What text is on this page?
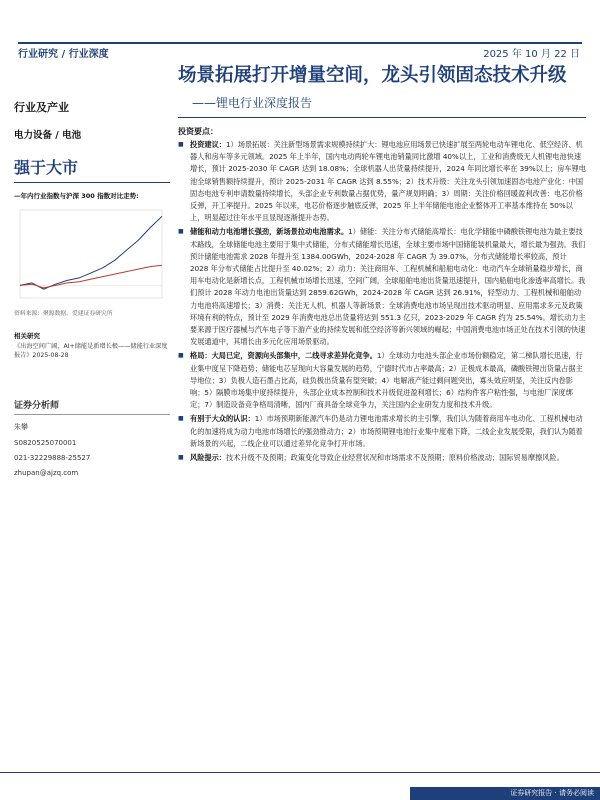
行业研究 / 行业深度	2025 年 10 月 22 日
行业及产业
电力设备 / 电池
强于大市
—年内行业指数与沪深 300 指数对比走势:
资料来源：聚源数据，爱建证券研究所
相关研究
《出海空间广阔，AI+储能是新增长极——储能行业深度报告》2025-08-28
证券分析师
朱攀
S0820525070001
021-32229888-25527
zhupan@ajzq.com
场景拓展打开增量空间，龙头引领固态技术升级
——锂电行业深度报告
投资要点：
■ 投资建议：1）场景拓展：关注新型场景需求规模持续扩大：锂电池应用场景已快速扩展至两轮电动车锂电化、低空经济、机器人和房车等多元领域。2025 年上半年，国内电动两轮车锂电池销量同比激增 40%以上，工业和消费级无人机锂电池快速增长，预计 2025-2030 年 CAGR 达到 18.08%；全球机器人出货量持续提升，2024 年同比增长率在 39%以上；房车锂电池全球销售额持续提升，预计 2025-2031 年 CAGR 达到 8.55%；2）技术升级：关注龙头引领加速固态电池产业化：中国固态电池专利申请数量持续增长，头部企业专利数量占据优势，量产规划明确；3）周期：关注价格回暖盈利改善：电芯价格反弹，开工率提升。2025 年以来，电芯价格逐步触底反弹，2025 年上半年储能电池企业整体开工率基本维持在 50%以上，明显超过往年水平且显现逐渐提升态势。
■ 储能和动力电池增长强劲，新场景拉动电池需求。1）储能：关注分布式储能高增长：电化学储能中磷酸铁锂电池为最主要技术路线，全球储能电池主要用于集中式储能，分布式储能增长迅速，全球主要市场中国储能装机量最大，增长最为强劲。我们预计储能电池需求 2028 年提升至 1384.00GWh，2024-2028 年 CAGR 为 39.07%，分布式储能增长率较高，预计 2028 年分布式储能占比提升至 40.02%；2）动力：关注商用车、工程机械和船舶电动化：电动汽车全球销量稳步增长，商用车电动化是新增长点，工程机械市场增长迅速，空间广阔，全球船舶电池出货量迅速提升，国内船舶电化渗透率高增长。我们预计 2028 年动力电池出货量达到 2859.62GWh，2024-2028 年 CAGR 达到 26.91%，轻型动力、工程机械和船舶动力电池将高速增长；3）消费：关注无人机、机器人等新场景：全球消费电池市场呈现出技术驱动明显、应用需求多元及政策环境有利的特点，预计至 2029 年消费电池总出货量将达到 551.3 亿只，2023-2029 年 CAGR 约为 25.54%。增长动力主要来源于医疗器械与汽车电子等下游产业的持续发展和低空经济等新兴领域的崛起；中国消费电池市场正处在技术引领的快速发展通道中，其增长由多元化应用场景驱动。
■ 格局：大局已定，资源向头部集中，二线寻求差异化竞争。1）全球动力电池头部企业市场份额稳定，第二梯队增长迅速，行业集中度呈下降趋势；储能电芯呈现向大容量发展的趋势，宁德时代市占率最高；2）正极成本最高，磷酸铁锂出货量占据主导地位；3）负极人造石墨占比高，硅负极出货量有望突破；4）电解液产能过剩问题突出，寡头效应明显，关注反内卷影响；5）隔膜市场集中度持续提升，头部企业成本控制和技术升级促进盈利增长；6）结构件客户粘性强，与电池厂深度绑定；7）制造设备竞争格局清晰，国内厂商具备全球竞争力，关注国内企业研发力度和技术升级。
■ 有别于大众的认识：1）市场预期新能源汽车仍是动力锂电池需求增长的主引擎，我们认为随着商用车电动化、工程机械电动化的加速将成为动力电池市场增长的强劲推动力；2）市场预期锂电池行业集中度难下降，二线企业发展受限，我们认为随着新场景的兴起，二线企业可以通过差异化竞争打开市场。
■ 风险提示：技术升级不及预期；政策变化导致企业经营状况和市场需求不及预期；原料价格波动；国际贸易摩擦风险。
证券研究报告 · 请务必阅读
